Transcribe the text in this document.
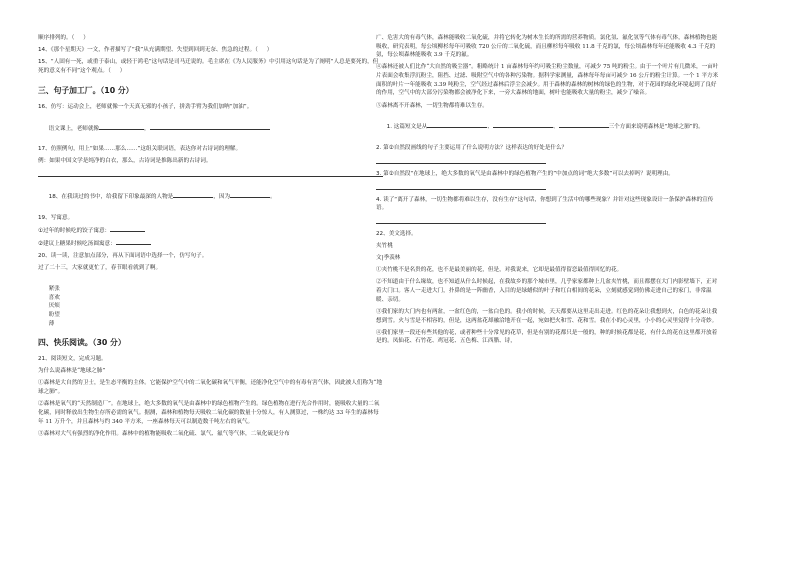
顺序排列的。（     ）

14、《那个星期天》一文，作者描写了“我”从充满期望、失望到回到无奈、焦急的过程。（     ）

15、“人固有一死，或重于泰山，或轻于鸿毛”这句话是司马迁说的。毛主席在《为人民服务》中引用这句话是为了阐明“人总是要死的，但死的意义有不同”这个观点。（     ）

三、句子加工厂。（10 分）

16、仿写：运动会上，老师就像一个天真无邪的小孩子，拼劲手臂为我们加呐“加油”。

语文课上，老师就像	，

17、仿照例句，用上“如果……那么……”这组关联词语，表达你对古诗词的理解。

例：如果中国文学是纯净的白衣，那么，古诗词是推陈出新的古诗词。

18、在我读过的书中，给我留下印象最深的人物是	，因为	。

19、写寓意。

①过年的时候吃的饺子寓意：

②建议上糖果时候吃汤圆寓意：

20、读一读，注意加点部分，再从下面词语中选择一个，仿写句子。

过了二十三，大家就更忙了，春节眼看就到了啊。

紧张
喜欢
厌烦
盼望
薄

四、快乐阅读。（30 分）

21、阅读短文，完成习题。

为什么说森林是“地球之肺”

①森林是大自然的卫士，是生态平衡的主体。它能保护空气中的二氧化碳和氧气平衡，还能净化空气中的有毒有害气体，因此被人们称为“地球之肺”。

②森林是氧气的“天然制造厂”。在地球上，绝大多数的氧气是由森林中的绿色植物产生的。绿色植物在进行光合作用时，能吸收大量的二氧化碳，同时释放出生物生存所必需的氧气。据测，森林和植物每天吸收二氧化碳的数量十分惊人，有人测算过，一株约达 33 年生的森林每年 11 万升个，并且森林与约 340 平方米，一座森林每天可以制造数千吨左右的氧气。

③森林对大气有强烈的净化作用。森林中的植物能吸收二氧化硫、氯气、氟气等气体，二氧化硫是分布

广、危害大的有毒气体，森林能吸收二氧化硫，并将它转化为树木生长的所需的营养物质。氯化氢、氟化氢等气体有毒气体，森林植物也能吸收，研究表明，每公顷柳杉每年可吸收 720 公斤的二氧化硫，而且柳杉每年吸收 11.8 千克的氯，每公顷森林每年还能吸收 4.3 千克的氨，每公顷森林能吸收 3.9 千克的氟。

④森林还被人们比作“大自然的吸尘器”。粗略统计 1 亩森林每年约可吸尘粉尘数量，可减少 75 吨的粉尘。由于一个叶片有几微米，一亩叶片表面会收集浮沉粉尘，阻挡、过滤、吸附空气中的各种污染物。据科学家测量，森林每年每亩可减少 16 公斤的粉尘计算。一个 1 平方米面积的叶片一年能吸收 3.39 吨粉尘，空气经过森林后浮尘会减少。用于森林的森林的树林的绿色的生物，对于花园的绿化环境起到了良好的作用，空气中的大部分污染物都会被净化下来，一旁大森林的地面，树叶也能吸收大量的粉尘，减少了噪音。

⑤森林离不开森林，一切生物都将难以生存。

1. 这篇短文是从	、	、	三个方面来说明森林是“地球之肺”的。

2. 第②自然段画线的句子主要运用了什么说明方法？这样表达的好处是什么？

3. 第②自然段“在地球上，绝大多数的氧气是由森林中的绿色植物产生的”中加点的词“绝大多数”可以去掉吗？说明理由。

4. 读了“离开了森林，一切生物都将难以生存，没有生存”这句话，你想到了生活中的哪些现象？并针对这些现象设计一条保护森林的宣传语。

22、美文选择。

夹竹桃

文|季羡林

①夹竹桃不是名贵的花，也不是最美丽的花，但是，对我说来，它却是最值得留恋最值得回忆的花。

②不知道由于什么缘故，也不知道从什么时候起，在我故乡的那个城市里，几乎家家都种上几盆夹竹桃，而且都摆在大门内影壁墙下，正对着大门口。客人一走进大门，扑鼻的是一阵幽香，入目的是绿蜡似的叶子和红白相间的花朵，立刻就感觉到仿佛走进自己的家门，非常温暖、亲切。

③我们家的大门内也有两盆，一盆红色的，一盆白色的。我小的时候，天天都要从这里走出走进。红色的花朵让我想到火，白色的花朵让我想到雪。火与雪是不相容的，但是，这两盆花却融洽地开在一起，宛如把火和雪、花和雪。我在小的心灵里，小小的心灵里觉得十分奇妙。

④我们家里一段还有些其他的花，或者种些十分常见的花草，但是有别的花都只是一般的，种的时候花都是花，有什么的花在这里都开放着是的。凤仙花、石竹花、鸡冠花、五色梅、江西腊、诗，
